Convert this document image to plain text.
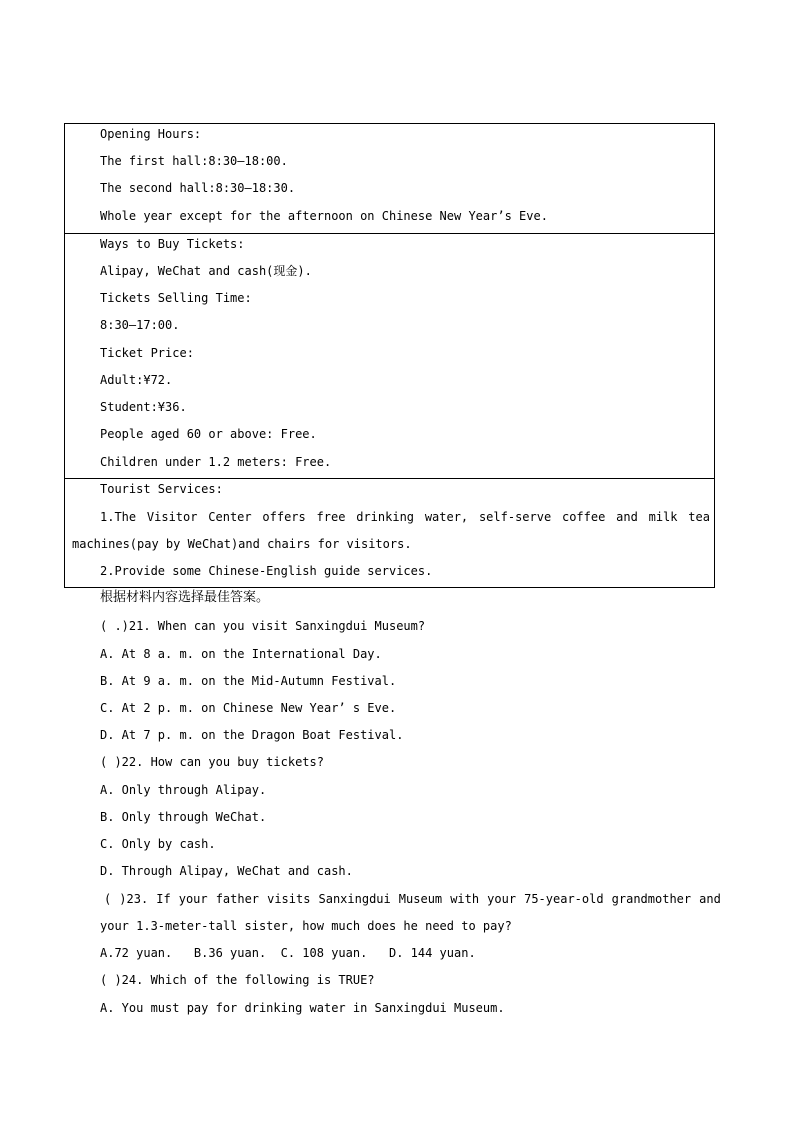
Opening Hours:
The first hall:8:30—18:00.
The second hall:8:30—18:30.
Whole year except for the afternoon on Chinese New Year’s Eve.
Ways to Buy Tickets:
Alipay, WeChat and cash(现金).
Tickets Selling Time:
8:30—17:00.
Ticket Price:
Adult:¥72.
Student:¥36.
People aged 60 or above: Free.
Children under 1.2 meters: Free.
Tourist Services:
1.The Visitor Center offers free drinking water, self-serve coffee and milk tea
machines(pay by WeChat)and chairs for visitors.
2.Provide some Chinese-English guide services.
根据材料内容选择最佳答案。
( .)21. When can you visit Sanxingdui Museum?
A. At 8 a. m. on the International Day.
B. At 9 a. m. on the Mid-Autumn Festival.
C. At 2 p. m. on Chinese New Year’ s Eve.
D. At 7 p. m. on the Dragon Boat Festival.
( )22. How can you buy tickets?
A. Only through Alipay.
B. Only through WeChat.
C. Only by cash.
D. Through Alipay, WeChat and cash.
( )23. If your father visits Sanxingdui Museum with your 75-year-old grandmother and
your 1.3-meter-tall sister, how much does he need to pay?
A.72 yuan.   B.36 yuan.  C. 108 yuan.   D. 144 yuan.
( )24. Which of the following is TRUE?
A. You must pay for drinking water in Sanxingdui Museum.
